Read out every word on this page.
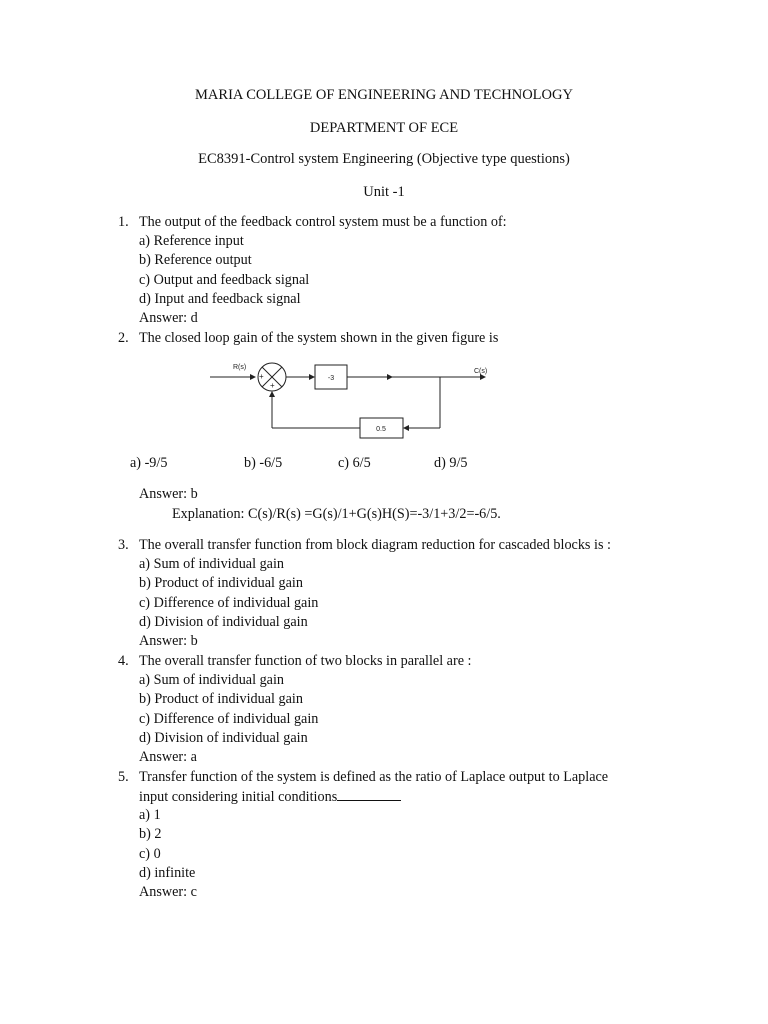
MARIA COLLEGE OF ENGINEERING AND TECHNOLOGY
DEPARTMENT OF ECE
EC8391-Control system Engineering (Objective type questions)
Unit -1
1. The output of the feedback control system must be a function of:
a) Reference input
b) Reference output
c) Output and feedback signal
d) Input and feedback signal
Answer: d
2. The closed loop gain of the system shown in the given figure is
R(s)
+
+
-3
C(s)
0.5
a) -9/5	b) -6/5	c) 6/5	d) 9/5
Answer: b
Explanation: C(s)/R(s) =G(s)/1+G(s)H(S)=-3/1+3/2=-6/5.
3. The overall transfer function from block diagram reduction for cascaded blocks is :
a) Sum of individual gain
b) Product of individual gain
c) Difference of individual gain
d) Division of individual gain
Answer: b
4. The overall transfer function of two blocks in parallel are :
a) Sum of individual gain
b) Product of individual gain
c) Difference of individual gain
d) Division of individual gain
Answer: a
5. Transfer function of the system is defined as the ratio of Laplace output to Laplace
input considering initial conditions
a) 1
b) 2
c) 0
d) infinite
Answer: c
